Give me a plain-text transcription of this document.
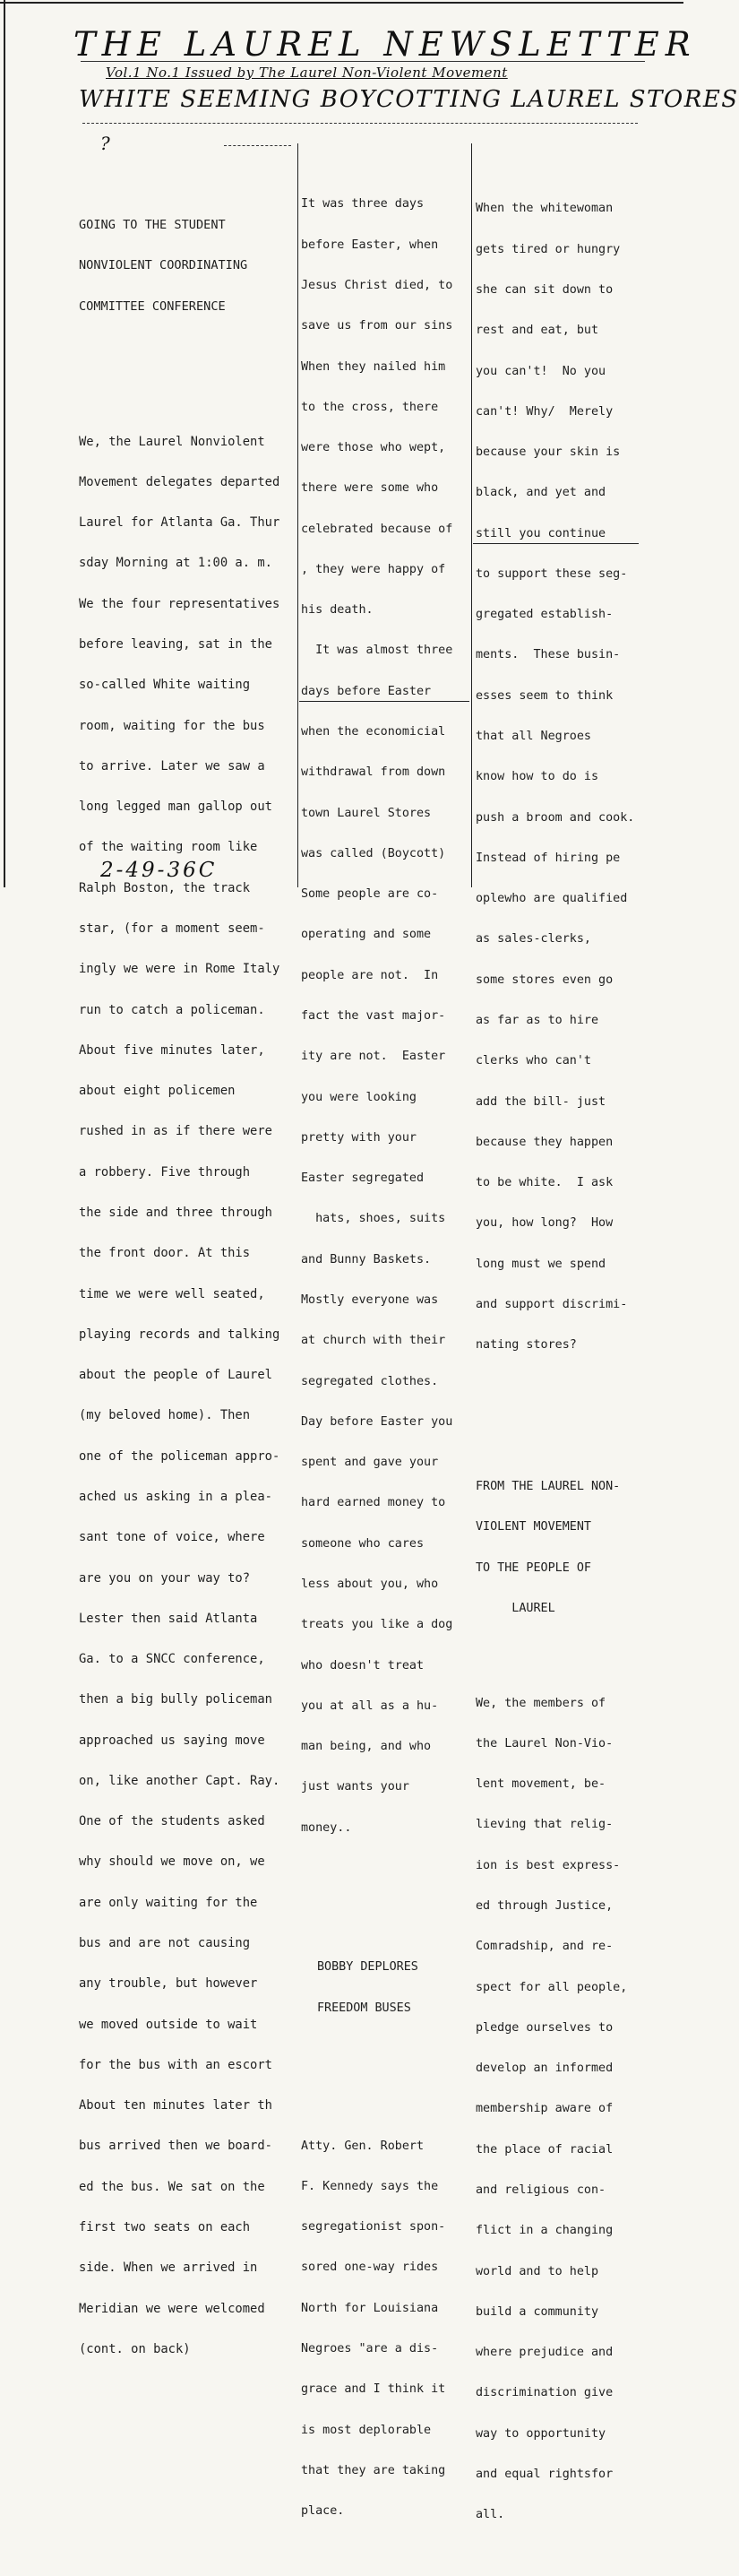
THE LAUREL NEWSLETTER
Vol.1 No.1 Issued by The Laurel Non-Violent Movement
WHITE SEEMING BOYCOTTING LAUREL STORES
?

GOING TO THE STUDENT

NONVIOLENT COORDINATING

COMMITTEE CONFERENCE

We, the Laurel Nonviolent

Movement delegates departed

Laurel for Atlanta Ga. Thur

sday Morning at 1:00 a. m.

We the four representatives

before leaving, sat in the

so-called White waiting

room, waiting for the bus

to arrive. Later we saw a

long legged man gallop out

of the waiting room like

Ralph Boston, the track

star, (for a moment seem-

ingly we were in Rome Italy

run to catch a policeman.

About five minutes later,

about eight policemen

rushed in as if there were

a robbery. Five through

the side and three through

the front door. At this

time we were well seated,

playing records and talking

about the people of Laurel

(my beloved home). Then

one of the policeman appro-

ached us asking in a plea-

sant tone of voice, where

are you on your way to?

Lester then said Atlanta

Ga. to a SNCC conference,

then a big bully policeman

approached us saying move

on, like another Capt. Ray.

One of the students asked

why should we move on, we

are only waiting for the

bus and are not causing

any trouble, but however

we moved outside to wait

for the bus with an escort

About ten minutes later th

bus arrived then we board-

ed the bus. We sat on the

first two seats on each

side. When we arrived in

Meridian we were welcomed

(cont. on back)

It was three days

before Easter, when

Jesus Christ died, to

save us from our sins

When they nailed him

to the cross, there

were those who wept,

there were some who

celebrated because of

, they were happy of

his death.

It was almost three

days before Easter

when the economicial

withdrawal from down

town Laurel Stores

was called (Boycott)

Some people are co-

operating and some

people are not.  In

fact the vast major-

ity are not.  Easter

you were looking

pretty with your

Easter segregated

hats, shoes, suits

and Bunny Baskets.

Mostly everyone was

at church with their

segregated clothes.

Day before Easter you

spent and gave your

hard earned money to

someone who cares

less about you, who

treats you like a dog

who doesn't treat

you at all as a hu-

man being, and who

just wants your

money..

BOBBY DEPLORES

FREEDOM BUSES

Atty. Gen. Robert

F. Kennedy says the

segregationist spon-

sored one-way rides

North for Louisiana

Negroes "are a dis-

grace and I think it

is most deplorable

that they are taking

place.

When the whitewoman

gets tired or hungry

she can sit down to

rest and eat, but

you can't!  No you

can't! Why/  Merely

because your skin is

black, and yet and

still you continue

to support these seg-

gregated establish-

ments.  These busin-

esses seem to think

that all Negroes

know how to do is

push a broom and cook.

Instead of hiring pe

oplewho are qualified

as sales-clerks,

some stores even go

as far as to hire

clerks who can't

add the bill- just

because they happen

to be white.  I ask

you, how long?  How

long must we spend

and support discrimi-

nating stores?

FROM THE LAUREL NON-

VIOLENT MOVEMENT

TO THE PEOPLE OF

LAUREL

We, the members of

the Laurel Non-Vio-

lent movement, be-

lieving that relig-

ion is best express-

ed through Justice,

Comradship, and re-

spect for all people,

pledge ourselves to

develop an informed

membership aware of

the place of racial

and religious con-

flict in a changing

world and to help

build a community

where prejudice and

discrimination give

way to opportunity

and equal rightsfor

all.

2-49-36C
